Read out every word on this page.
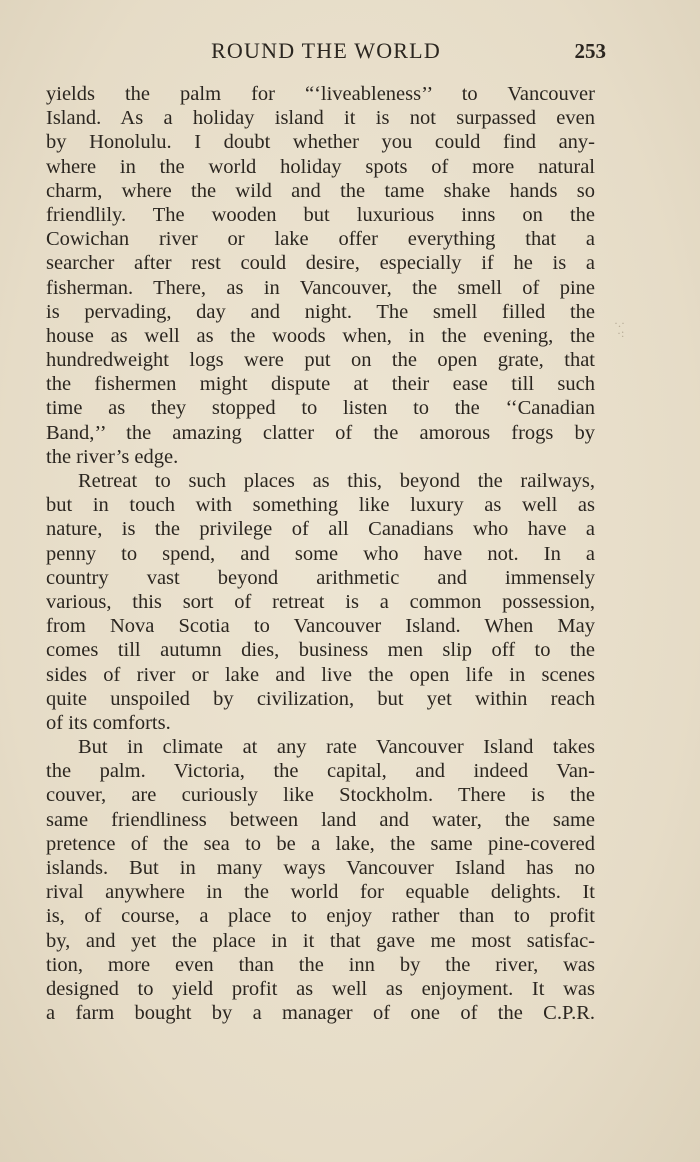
ROUND THE WORLD	253
yields the palm for “‘liveableness’’ to Vancouver
Island. As a holiday island it is not surpassed even
by Honolulu. I doubt whether you could find any-
where in the world holiday spots of more natural
charm, where the wild and the tame shake hands so
friendlily. The wooden but luxurious inns on the
Cowichan river or lake offer everything that a
searcher after rest could desire, especially if he is a
fisherman. There, as in Vancouver, the smell of pine
is pervading, day and night. The smell filled the
house as well as the woods when, in the evening, the
hundredweight logs were put on the open grate, that
the fishermen might dispute at their ease till such
time as they stopped to listen to the ‘‘Canadian
Band,’’ the amazing clatter of the amorous frogs by
the river’s edge.
Retreat to such places as this, beyond the railways,
but in touch with something like luxury as well as
nature, is the privilege of all Canadians who have a
penny to spend, and some who have not. In a
country vast beyond arithmetic and immensely
various, this sort of retreat is a common possession,
from Nova Scotia to Vancouver Island. When May
comes till autumn dies, business men slip off to the
sides of river or lake and live the open life in scenes
quite unspoiled by civilization, but yet within reach
of its comforts.
But in climate at any rate Vancouver Island takes
the palm. Victoria, the capital, and indeed Van-
couver, are curiously like Stockholm. There is the
same friendliness between land and water, the same
pretence of the sea to be a lake, the same pine-covered
islands. But in many ways Vancouver Island has no
rival anywhere in the world for equable delights. It
is, of course, a place to enjoy rather than to profit
by, and yet the place in it that gave me most satisfac-
tion, more even than the inn by the river, was
designed to yield profit as well as enjoyment. It was
a farm bought by a manager of one of the C.P.R.
·.·
·:
